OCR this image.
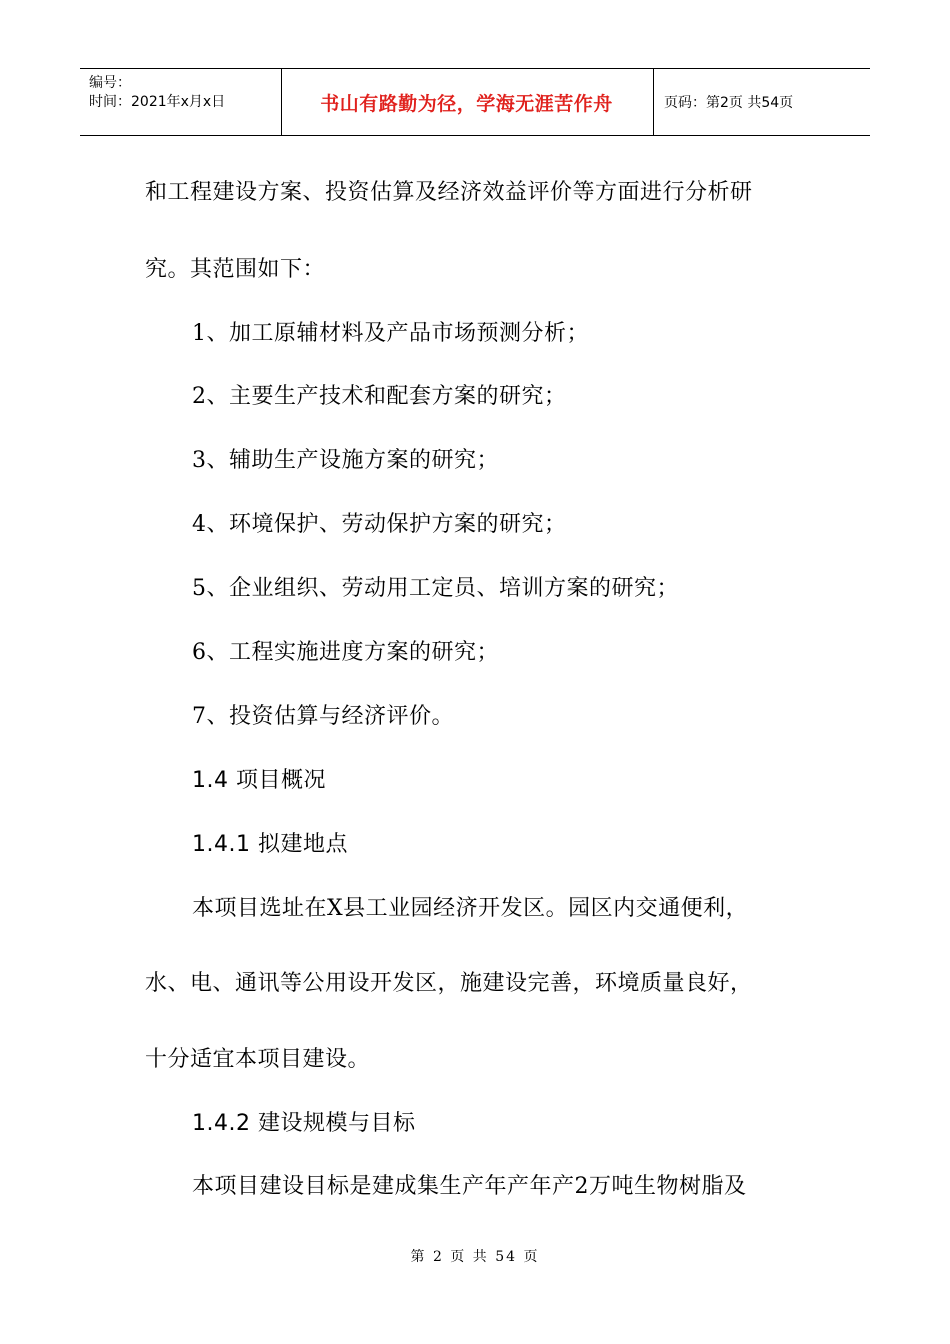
编号：
时间：2021年x月x日	书山有路勤为径，学海无涯苦作舟	页码：第2页 共54页
和工程建设方案、投资估算及经济效益评价等方面进行分析研
究。其范围如下：
1、加工原辅材料及产品市场预测分析；
2、主要生产技术和配套方案的研究；
3、辅助生产设施方案的研究；
4、环境保护、劳动保护方案的研究；
5、企业组织、劳动用工定员、培训方案的研究；
6、工程实施进度方案的研究；
7、投资估算与经济评价。
1.4 项目概况
1.4.1 拟建地点
本项目选址在X县工业园经济开发区。园区内交通便利，
水、电、通讯等公用设开发区，施建设完善，环境质量良好，
十分适宜本项目建设。
1.4.2 建设规模与目标
本项目建设目标是建成集生产年产年产2万吨生物树脂及
第 2 页 共 54 页
